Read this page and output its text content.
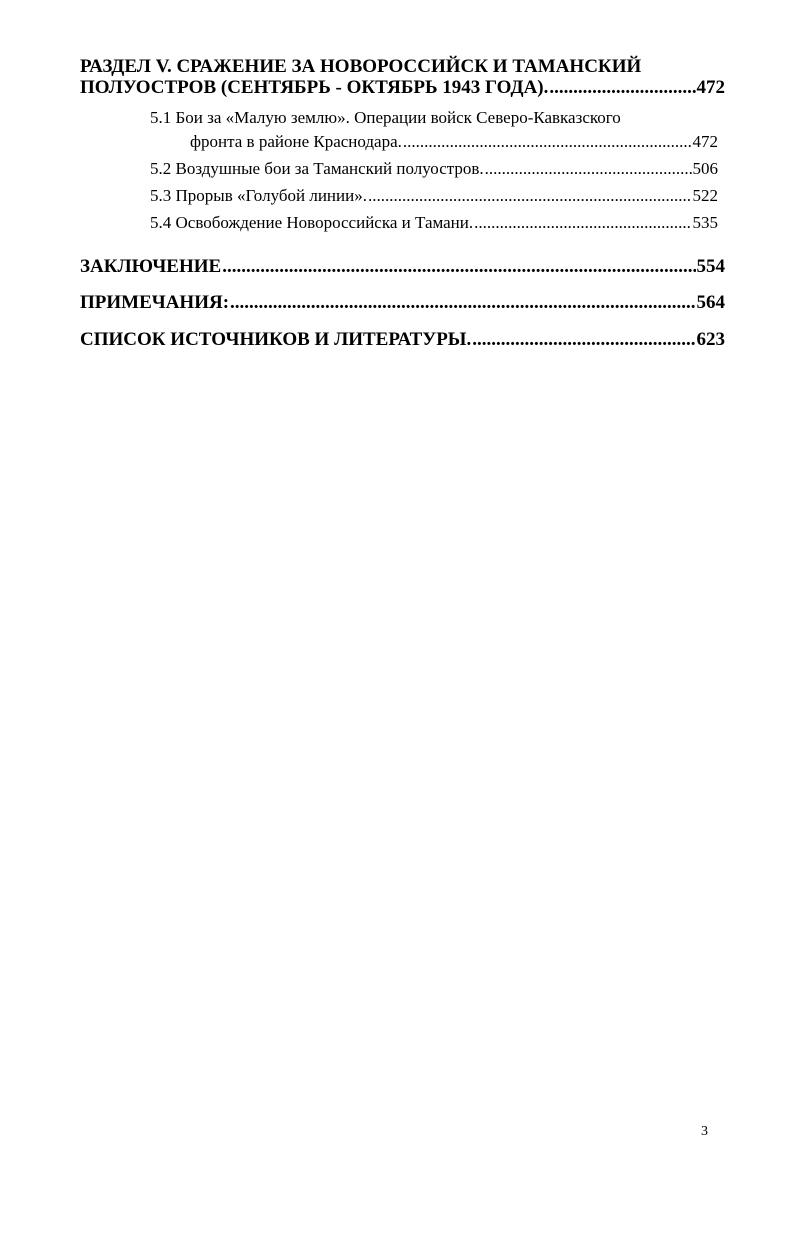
РАЗДЕЛ V. СРАЖЕНИЕ ЗА НОВОРОССИЙСК И ТАМАНСКИЙ
ПОЛУОСТРОВ (СЕНТЯБРЬ - ОКТЯБРЬ 1943 ГОДА). .....	472
5.1 Бои за «Малую землю». Операции войск Северо-Кавказского
фронта в районе Краснодара. .....	472
5.2 Воздушные бои за Таманский полуостров. .....	506
5.3 Прорыв «Голубой линии». .....	522
5.4 Освобождение Новороссийска и Тамани. .....	535
ЗАКЛЮЧЕНИЕ .....	554
ПРИМЕЧАНИЯ: .....	564
СПИСОК ИСТОЧНИКОВ И ЛИТЕРАТУРЫ. .....	623
3
